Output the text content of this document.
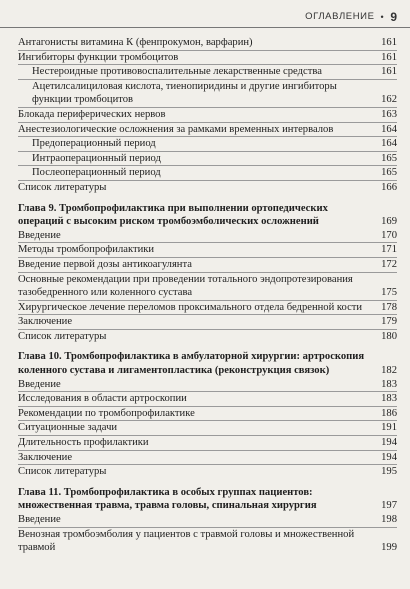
ОГЛАВЛЕНИЕ • 9
Антагонисты витамина К (фенпрокумон, варфарин)	161
Ингибиторы функции тромбоцитов	161
Нестероидные противовоспалительные лекарственные средства	161
Ацетилсалициловая кислота, тиенопиридины и другие ингибиторы функции тромбоцитов	162
Блокада периферических нервов	163
Анестезиологические осложнения за рамками временных интервалов	164
Предоперационный период	164
Интраоперационный период	165
Послеоперационный период	165
Список литературы	166
Глава 9. Тромбопрофилактика при выполнении ортопедических операций с высоким риском тромбоэмболических осложнений	169
Введение	170
Методы тромбопрофилактики	171
Введение первой дозы антикоагулянта	172
Основные рекомендации при проведении тотального эндопротезирования тазобедренного или коленного сустава	175
Хирургическое лечение переломов проксимального отдела бедренной кости	178
Заключение	179
Список литературы	180
Глава 10. Тромбопрофилактика в амбулаторной хирургии: артроскопия коленного сустава и лигаментопластика (реконструкция связок)	182
Введение	183
Исследования в области артроскопии	183
Рекомендации по тромбопрофилактике	186
Ситуационные задачи	191
Длительность профилактики	194
Заключение	194
Список литературы	195
Глава 11. Тромбопрофилактика в особых группах пациентов: множественная травма, травма головы, спинальная хирургия	197
Введение	198
Венозная тромбоэмболия у пациентов с травмой головы и множественной травмой	199
